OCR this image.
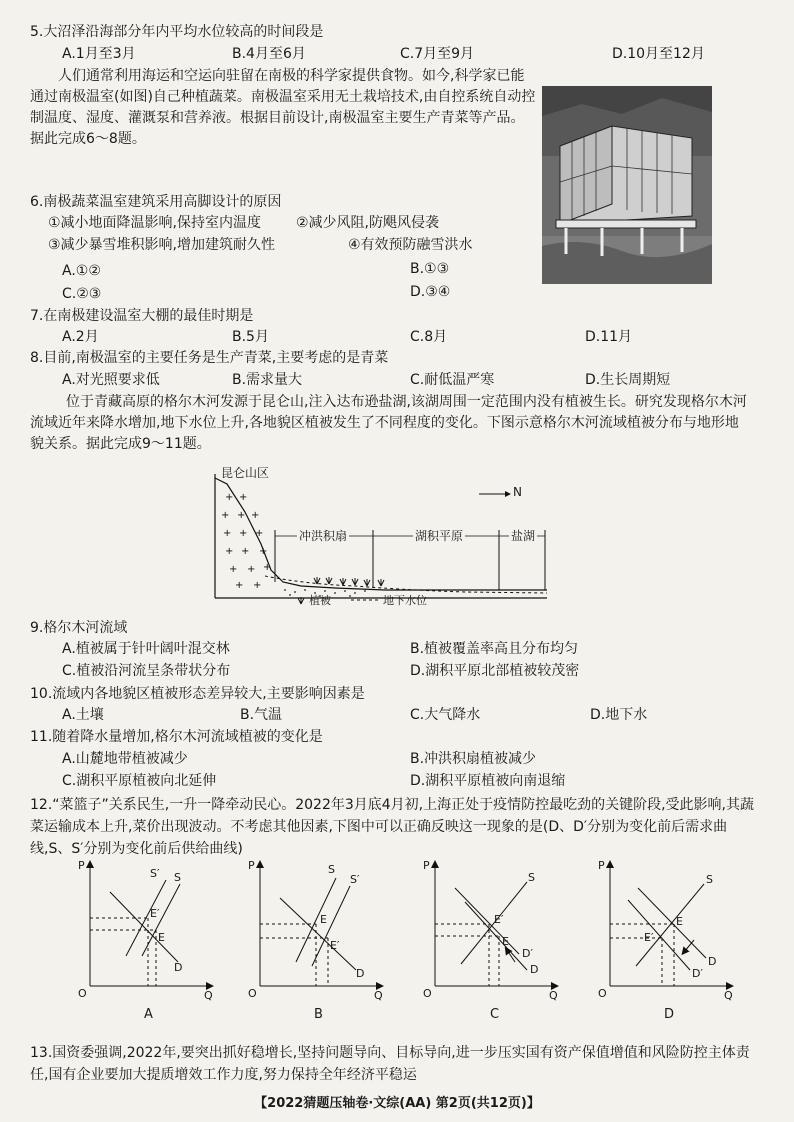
5.大沼泽沿海部分年内平均水位较高的时间段是
A.1月至3月	B.4月至6月	C.7月至9月	D.10月至12月
人们通常利用海运和空运向驻留在南极的科学家提供食物。如今,科学家已能通过南极温室(如图)自己种植蔬菜。南极温室采用无土栽培技术,由自控系统自动控制温度、湿度、灌溉泵和营养液。根据目前设计,南极温室主要生产青菜等产品。据此完成6～8题。
6.南极蔬菜温室建筑采用高脚设计的原因
①减小地面降温影响,保持室内温度 ②减少风阻,防飓风侵袭
③减少暴雪堆积影响,增加建筑耐久性	④有效预防融雪洪水
A.①②	B.①③
C.②③	D.③④
7.在南极建设温室大棚的最佳时期是
A.2月	B.5月	C.8月	D.11月
8.目前,南极温室的主要任务是生产青菜,主要考虑的是青菜
A.对光照要求低	B.需求量大	C.耐低温严寒	D.生长周期短
位于青藏高原的格尔木河发源于昆仑山,注入达布逊盐湖,该湖周围一定范围内没有植被生长。研究发现格尔木河流域近年来降水增加,地下水位上升,各地貌区植被发生了不同程度的变化。下图示意格尔木河流域植被分布与地形地貌关系。据此完成9～11题。
+ +
+ + +
+ + +
+ + +
+ + +
+ +
昆仑山区
N
冲洪积扇	湖积平原	盐湖
植被	地下水位
9.格尔木河流域
A.植被属于针叶阔叶混交林	B.植被覆盖率高且分布均匀
C.植被沿河流呈条带状分布	D.湖积平原北部植被较茂密
10.流域内各地貌区植被形态差异较大,主要影响因素是
A.土壤	B.气温	C.大气降水	D.地下水
11.随着降水量增加,格尔木河流域植被的变化是
A.山麓地带植被减少	B.冲洪积扇植被减少
C.湖积平原植被向北延伸	D.湖积平原植被向南退缩
12.“菜篮子”关系民生,一升一降牵动民心。2022年3月底4月初,上海正处于疫情防控最吃劲的关键阶段,受此影响,其蔬菜运输成本上升,菜价出现波动。不考虑其他因素,下图中可以正确反映这一现象的是(D、D′分别为变化前后需求曲线,S、S′分别为变化前后供给曲线)
P
Q
O
S′ S
D
E′
E
A
P
Q
O
S
S′
D
E
E′
B
P
Q
O
S
D′
D
E′
E
C
P
Q
O
S
D
D′
E
E′
D
13.国资委强调,2022年,要突出抓好稳增长,坚持问题导向、目标导向,进一步压实国有资产保值增值和风险防控主体责任,国有企业要加大提质增效工作力度,努力保持全年经济平稳运
【2022猜题压轴卷·文综(AA) 第2页(共12页)】
